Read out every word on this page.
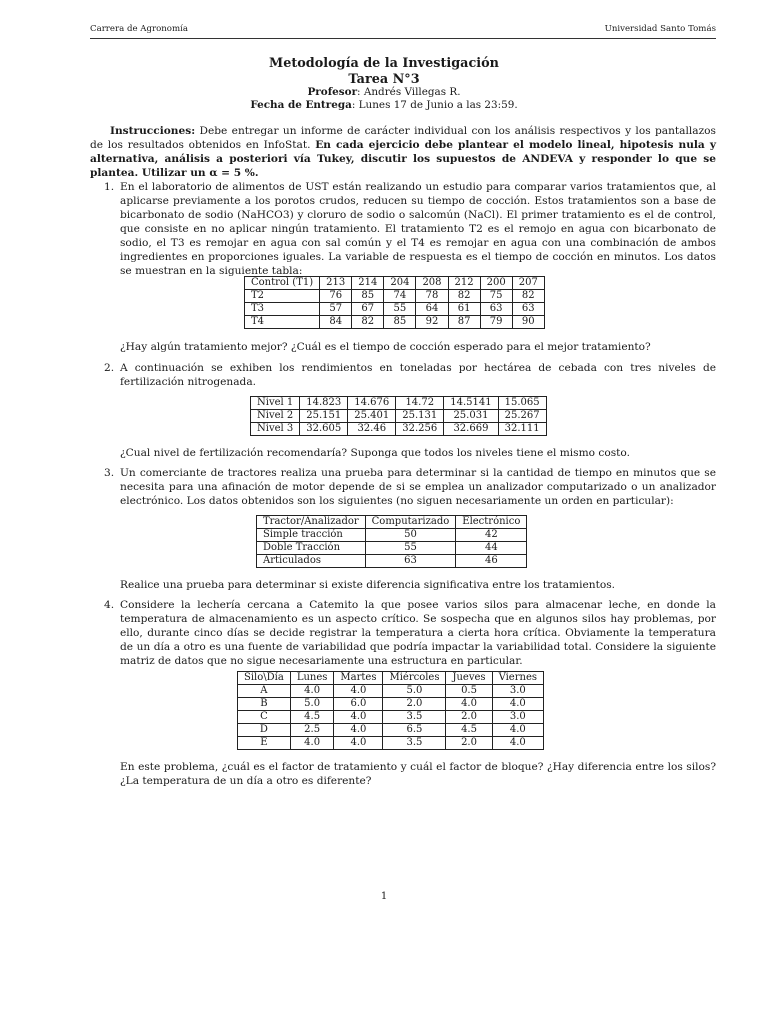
Carrera de Agronomía	Universidad Santo Tomás
Metodología de la Investigación
Tarea N°3
Profesor: Andrés Villegas R.
Fecha de Entrega: Lunes 17 de Junio a las 23:59.
Instrucciones: Debe entregar un informe de carácter individual con los análisis respectivos y los pantallazos de los resultados obtenidos en InfoStat. En cada ejercicio debe plantear el modelo lineal, hipotesis nula y alternativa, análisis a posteriori vía Tukey, discutir los supuestos de ANDEVA y responder lo que se plantea. Utilizar un α = 5 %.
1. En el laboratorio de alimentos de UST están realizando un estudio para comparar varios tratamientos que, al aplicarse previamente a los porotos crudos, reducen su tiempo de cocción. Estos tratamientos son a base de bicarbonato de sodio (NaHCO3) y cloruro de sodio o salcomún (NaCl). El primer tratamiento es el de control, que consiste en no aplicar ningún tratamiento. El tratamiento T2 es el remojo en agua con bicarbonato de sodio, el T3 es remojar en agua con sal común y el T4 es remojar en agua con una combinación de ambos ingredientes en proporciones iguales. La variable de respuesta es el tiempo de cocción en minutos. Los datos se muestran en la siguiente tabla:
Control (T1)	213	214	204	208	212	200	207
T2	76	85	74	78	82	75	82
T3	57	67	55	64	61	63	63
T4	84	82	85	92	87	79	90
¿Hay algún tratamiento mejor? ¿Cuál es el tiempo de cocción esperado para el mejor tratamiento?
2. A continuación se exhiben los rendimientos en toneladas por hectárea de cebada con tres niveles de fertilización nitrogenada.
Nivel 1	14.823	14.676	14.72	14.5141	15.065
Nivel 2	25.151	25.401	25.131	25.031	25.267
Nivel 3	32.605	32.46	32.256	32.669	32.111
¿Cual nivel de fertilización recomendaría? Suponga que todos los niveles tiene el mismo costo.
3. Un comerciante de tractores realiza una prueba para determinar si la cantidad de tiempo en minutos que se necesita para una afinación de motor depende de si se emplea un analizador computarizado o un analizador electrónico. Los datos obtenidos son los siguientes (no siguen necesariamente un orden en particular):
Tractor/Analizador	Computarizado	Electrónico
Simple tracción	50	42
Doble Tracción	55	44
Articulados	63	46
Realice una prueba para determinar si existe diferencia significativa entre los tratamientos.
4. Considere la lechería cercana a Catemito la que posee varios silos para almacenar leche, en donde la temperatura de almacenamiento es un aspecto crítico. Se sospecha que en algunos silos hay problemas, por ello, durante cinco días se decide registrar la temperatura a cierta hora crítica. Obviamente la temperatura de un día a otro es una fuente de variabilidad que podría impactar la variabilidad total. Considere la siguiente matriz de datos que no sigue necesariamente una estructura en particular.
Silo\Día	Lunes	Martes	Miércoles	Jueves	Viernes
A	4.0	4.0	5.0	0.5	3.0
B	5.0	6.0	2.0	4.0	4.0
C	4.5	4.0	3.5	2.0	3.0
D	2.5	4.0	6.5	4.5	4.0
E	4.0	4.0	3.5	2.0	4.0
En este problema, ¿cuál es el factor de tratamiento y cuál el factor de bloque? ¿Hay diferencia entre los silos?¿La temperatura de un día a otro es diferente?
1
